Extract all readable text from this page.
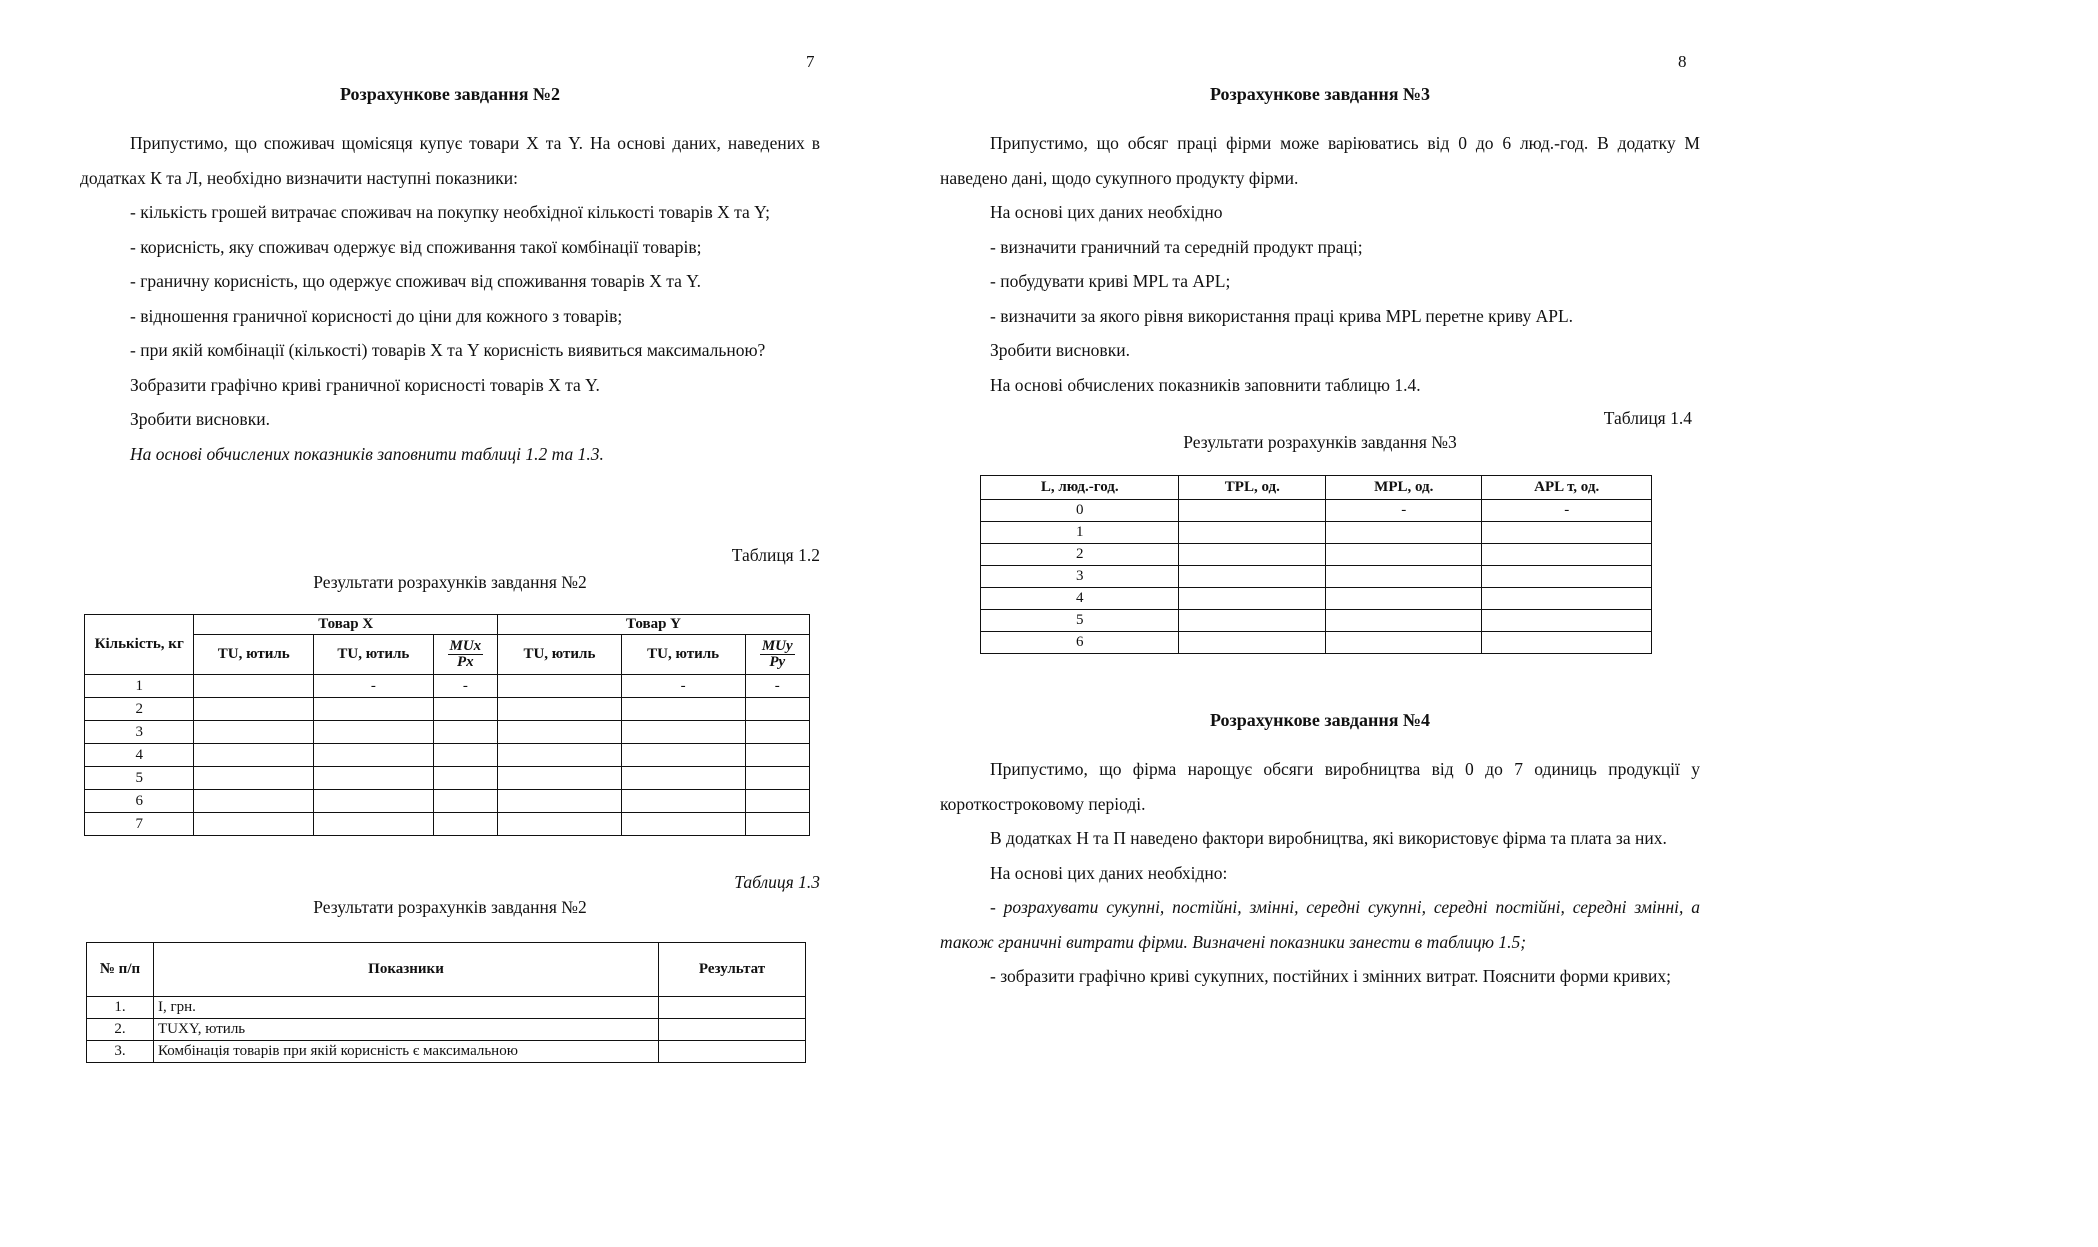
7
Розрахункове завдання №2

Припустимо, що споживач щомісяця купує товари X та Y. На основі даних, наведених в додатках К та Л, необхідно визначити наступні показники:

- кількість грошей витрачає споживач на покупку необхідної кількості товарів X та Y;

- корисність, яку споживач одержує від споживання такої комбінації товарів;

- граничну корисність, що одержує споживач від споживання товарів X та Y.

- відношення граничної корисності до ціни для кожного з товарів;

- при якій комбінації (кількості) товарів X та Y корисність виявиться максимальною?

Зобразити графічно криві граничної корисності товарів X та Y.

Зробити висновки.

На основі обчислених показників заповнити таблиці 1.2 та 1.3.

Таблиця 1.2
Результати розрахунків завдання №2
Кількість, кг	Товар X			Товар Y		
	TU, ютиль	ТU, ютиль	$\frac{\text{MUx}}{Px}$	TU, ютиль	ТU, ютиль	$\frac{\text{MUy}}{Py}$

1		-	-		-	-
2						
3						
4						
5						
6						
7						
Таблиця 1.3
Результати розрахунків завдання №2
№ п/п	Показники	Результат
1.	І, грн.	
2.	TUXY, ютиль	
3.	Комбінація товарів при якій корисність є максимальною	
8
Розрахункове завдання №3

Припустимо, що обсяг праці фірми може варіюватись від 0 до 6 люд.-год. В додатку М наведено дані, щодо сукупного продукту фірми.

На основі цих даних необхідно

- визначити граничний та середній продукт праці;

- побудувати криві MPL та APL;

- визначити за якого рівня використання праці крива MPL перетне криву APL.

Зробити висновки.

На основі обчислених показників заповнити таблицю 1.4.

Таблиця 1.4
Результати розрахунків завдання №3
L, люд.-год.	TPL, од.	MPL, од.	APL т, од.
0		-	-
1			
2			
3			
4			
5			
6			
Розрахункове завдання №4

Припустимо, що фірма нарощує обсяги виробництва від 0 до 7 одиниць продукції у короткостроковому періоді.

В додатках Н та П наведено фактори виробництва, які використовує фірма та плата за них.

На основі цих даних необхідно:

- розрахувати сукупні, постійні, змінні, середні сукупні, середні постійні, середні змінні, а також граничні витрати фірми. Визначені показники занести в таблицю 1.5;

- зобразити графічно криві сукупних, постійних і змінних витрат. Пояснити форми кривих;
